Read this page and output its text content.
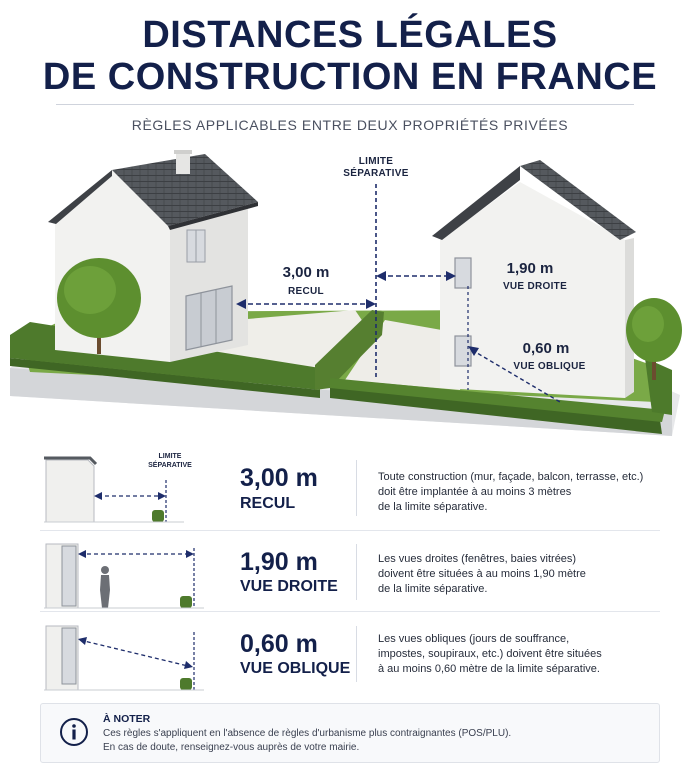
DISTANCES LÉGALES
DE CONSTRUCTION EN FRANCE
RÈGLES APPLICABLES ENTRE DEUX PROPRIÉTÉS PRIVÉES
LIMITE
SÉPARATIVE
3,00 m
RECUL
1,90 m
VUE DROITE
0,60 m
VUE OBLIQUE
LIMITE
SÉPARATIVE	3,00 m
RECUL
Toute construction (mur, façade, balcon, terrasse, etc.)
doit être implantée à au moins 3 mètres
de la limite séparative.
1,90 m
VUE DROITE
Les vues droites (fenêtres, baies vitrées)
doivent être situées à au moins 1,90 mètre
de la limite séparative.
0,60 m
VUE OBLIQUE
Les vues obliques (jours de souffrance,
impostes, soupiraux, etc.) doivent être situées
à au moins 0,60 mètre de la limite séparative.
À NOTER
Ces règles s'appliquent en l'absence de règles d'urbanisme plus contraignantes (POS/PLU).
En cas de doute, renseignez-vous auprès de votre mairie.
